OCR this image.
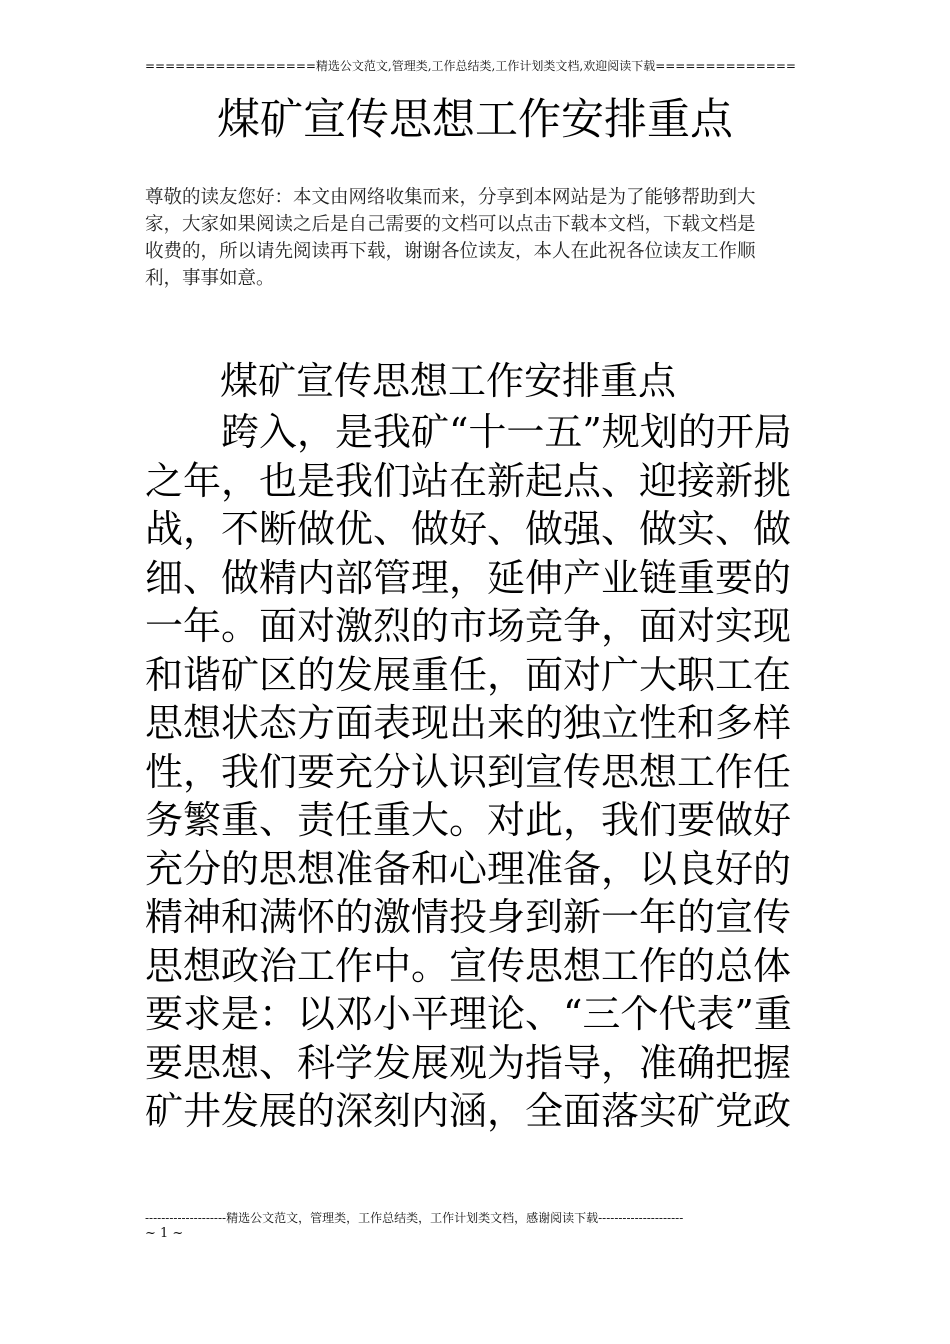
=================精选公文范文,管理类,工作总结类,工作计划类文档,欢迎阅读下载==============
煤矿宣传思想工作安排重点
尊敬的读友您好：本文由网络收集而来，分享到本网站是为了能够帮助到大
家，大家如果阅读之后是自己需要的文档可以点击下载本文档，下载文档是
收费的，所以请先阅读再下载，谢谢各位读友，本人在此祝各位读友工作顺
利，事事如意。
煤矿宣传思想工作安排重点
　　跨入，是我矿“十一五”规划的开局
之年，也是我们站在新起点、迎接新挑
战，不断做优、做好、做强、做实、做
细、做精内部管理，延伸产业链重要的
一年。面对激烈的市场竞争，面对实现
和谐矿区的发展重任，面对广大职工在
思想状态方面表现出来的独立性和多样
性，我们要充分认识到宣传思想工作任
务繁重、责任重大。对此，我们要做好
充分的思想准备和心理准备，以良好的
精神和满怀的激情投身到新一年的宣传
思想政治工作中。宣传思想工作的总体
要求是：以邓小平理论、“三个代表”重
要思想、科学发展观为指导，准确把握
矿井发展的深刻内涵，全面落实矿党政
--------------------精选公文范文，管理类，工作总结类，工作计划类文档，感谢阅读下载---------------------
~ 1 ~
